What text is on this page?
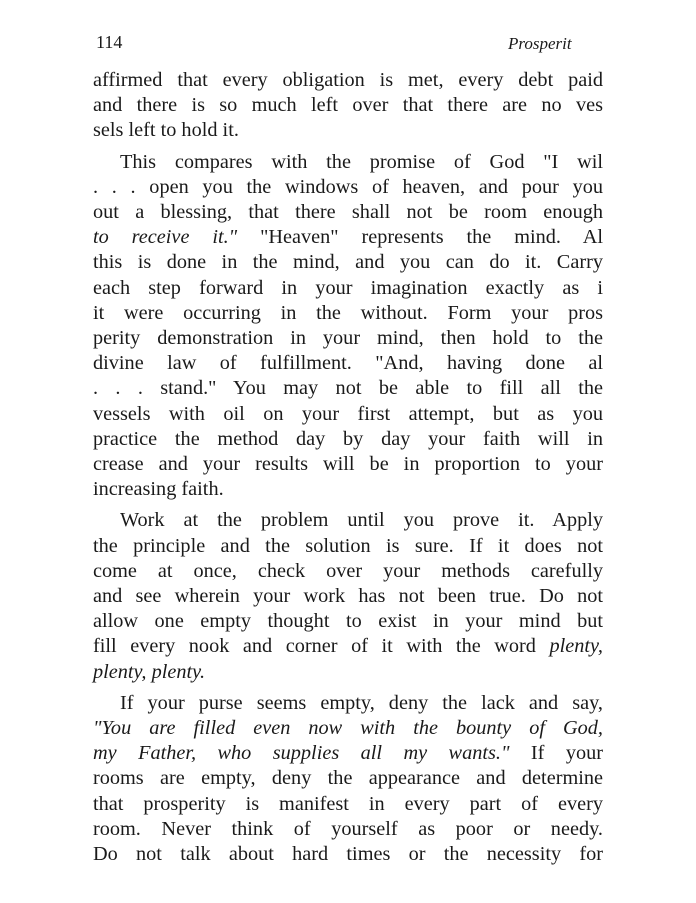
114	Prosperit
affirmed that every obligation is met, every debt paid
and there is so much left over that there are no ves
sels left to hold it.
This compares with the promise of God "I wil
. . . open you the windows of heaven, and pour you
out a blessing, that there shall not be room enough
to receive it." "Heaven" represents the mind. Al
this is done in the mind, and you can do it. Carry
each step forward in your imagination exactly as i
it were occurring in the without. Form your pros
perity demonstration in your mind, then hold to the
divine law of fulfillment. "And, having done al
. . . stand." You may not be able to fill all the
vessels with oil on your first attempt, but as you
practice the method day by day your faith will in
crease and your results will be in proportion to your
increasing faith.
Work at the problem until you prove it. Apply
the principle and the solution is sure. If it does not
come at once, check over your methods carefully
and see wherein your work has not been true. Do not
allow one empty thought to exist in your mind but
fill every nook and corner of it with the word plenty,
plenty, plenty.
If your purse seems empty, deny the lack and say,
"You are filled even now with the bounty of God,
my Father, who supplies all my wants." If your
rooms are empty, deny the appearance and determine
that prosperity is manifest in every part of every
room. Never think of yourself as poor or needy.
Do not talk about hard times or the necessity for
